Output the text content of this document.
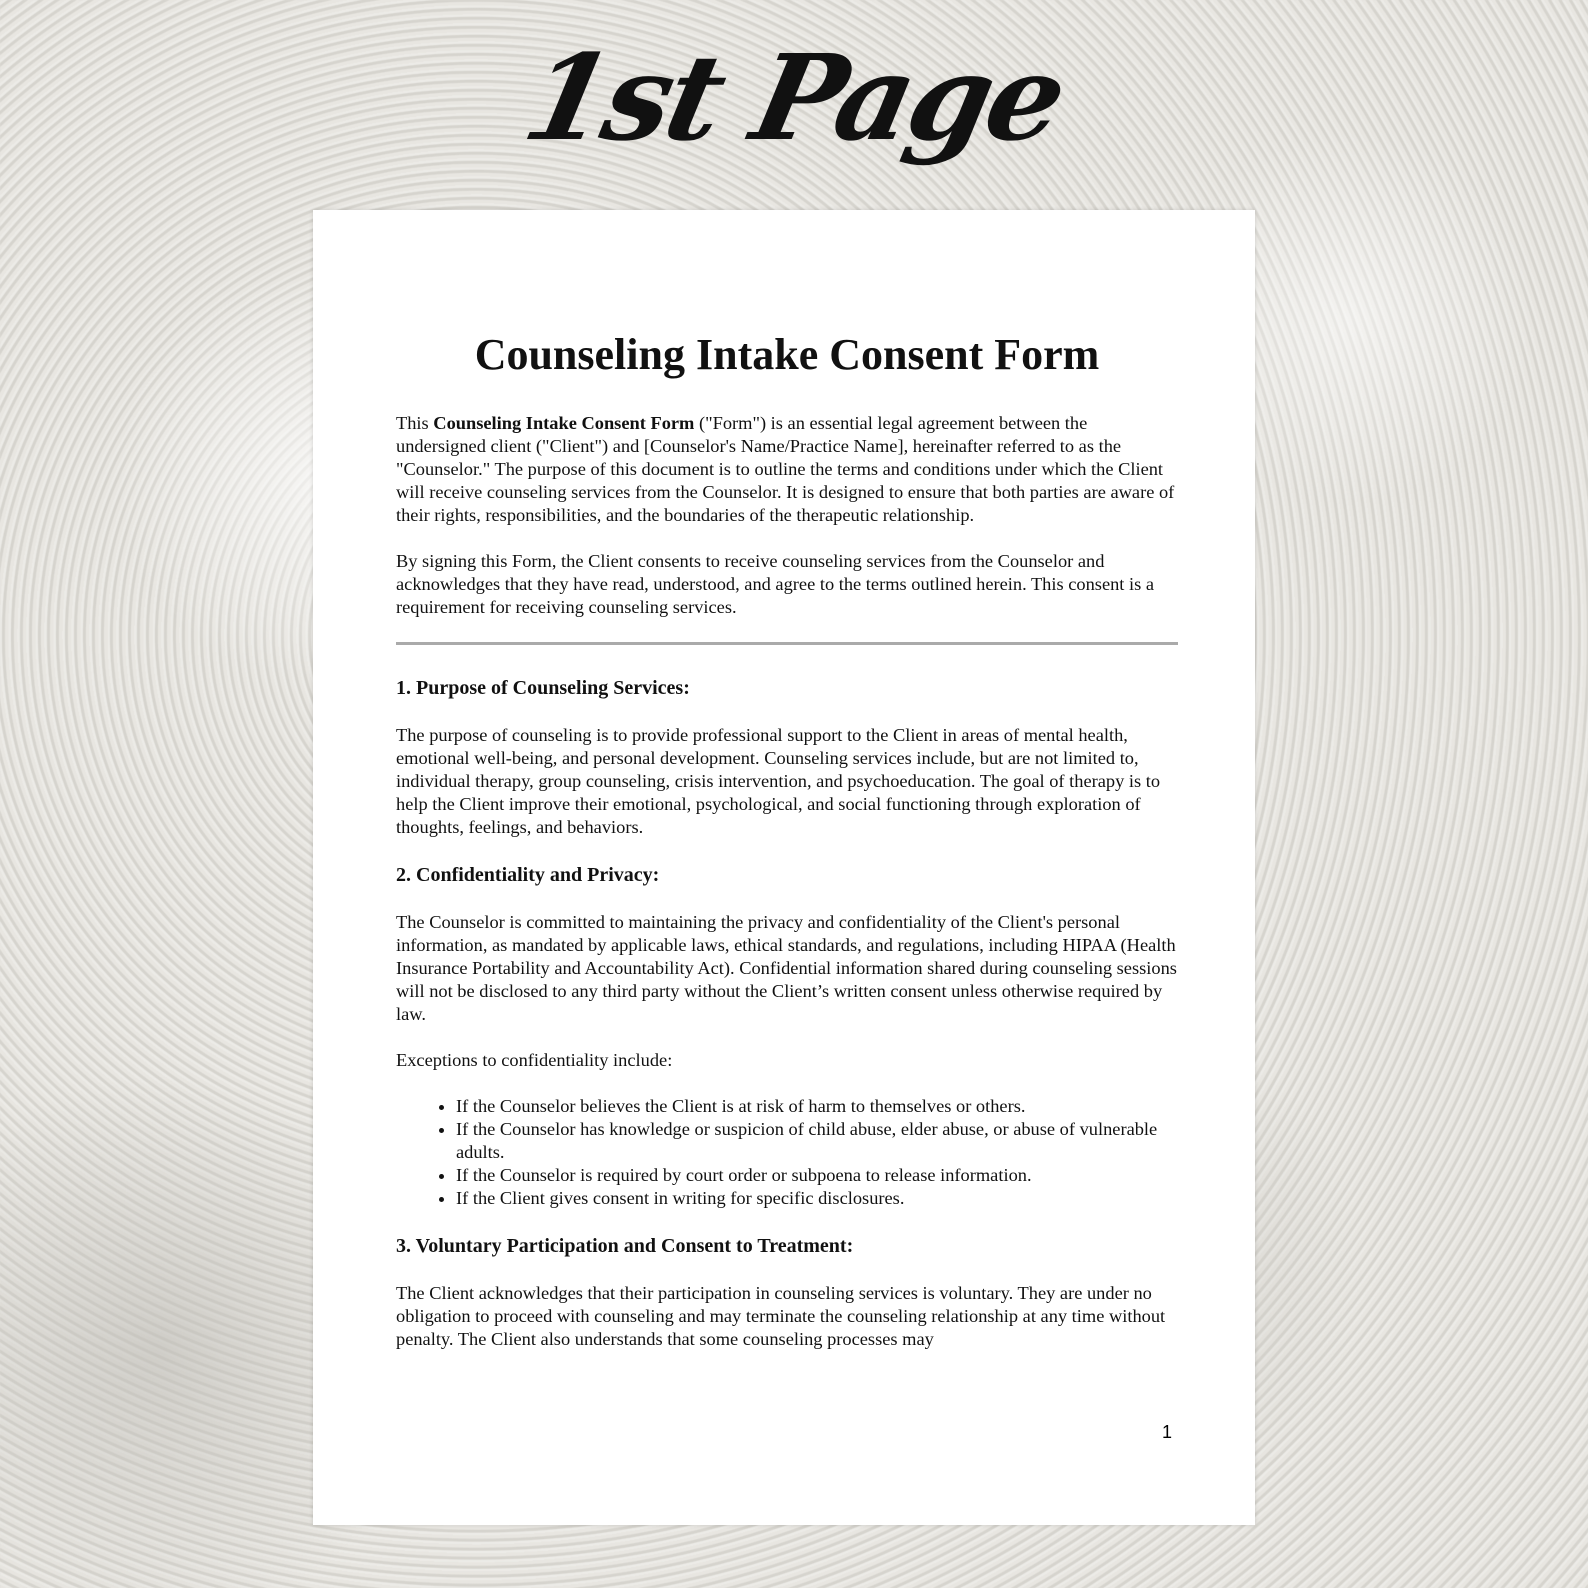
1st Page
Counseling Intake Consent Form

This Counseling Intake Consent Form ("Form") is an essential legal agreement between the undersigned client ("Client") and [Counselor's Name/Practice Name], hereinafter referred to as the "Counselor." The purpose of this document is to outline the terms and conditions under which the Client will receive counseling services from the Counselor. It is designed to ensure that both parties are aware of their rights, responsibilities, and the boundaries of the therapeutic relationship.

By signing this Form, the Client consents to receive counseling services from the Counselor and acknowledges that they have read, understood, and agree to the terms outlined herein. This consent is a requirement for receiving counseling services.

1. Purpose of Counseling Services:

The purpose of counseling is to provide professional support to the Client in areas of mental health, emotional well-being, and personal development. Counseling services include, but are not limited to, individual therapy, group counseling, crisis intervention, and psychoeducation. The goal of therapy is to help the Client improve their emotional, psychological, and social functioning through exploration of thoughts, feelings, and behaviors.

2. Confidentiality and Privacy:

The Counselor is committed to maintaining the privacy and confidentiality of the Client's personal information, as mandated by applicable laws, ethical standards, and regulations, including HIPAA (Health Insurance Portability and Accountability Act). Confidential information shared during counseling sessions will not be disclosed to any third party without the Client’s written consent unless otherwise required by law.

Exceptions to confidentiality include:

• If the Counselor believes the Client is at risk of harm to themselves or others.
• If the Counselor has knowledge or suspicion of child abuse, elder abuse, or abuse of vulnerable adults.
• If the Counselor is required by court order or subpoena to release information.
• If the Client gives consent in writing for specific disclosures.
3. Voluntary Participation and Consent to Treatment:

The Client acknowledges that their participation in counseling services is voluntary. They are under no obligation to proceed with counseling and may terminate the counseling relationship at any time without penalty. The Client also understands that some counseling processes may

1
